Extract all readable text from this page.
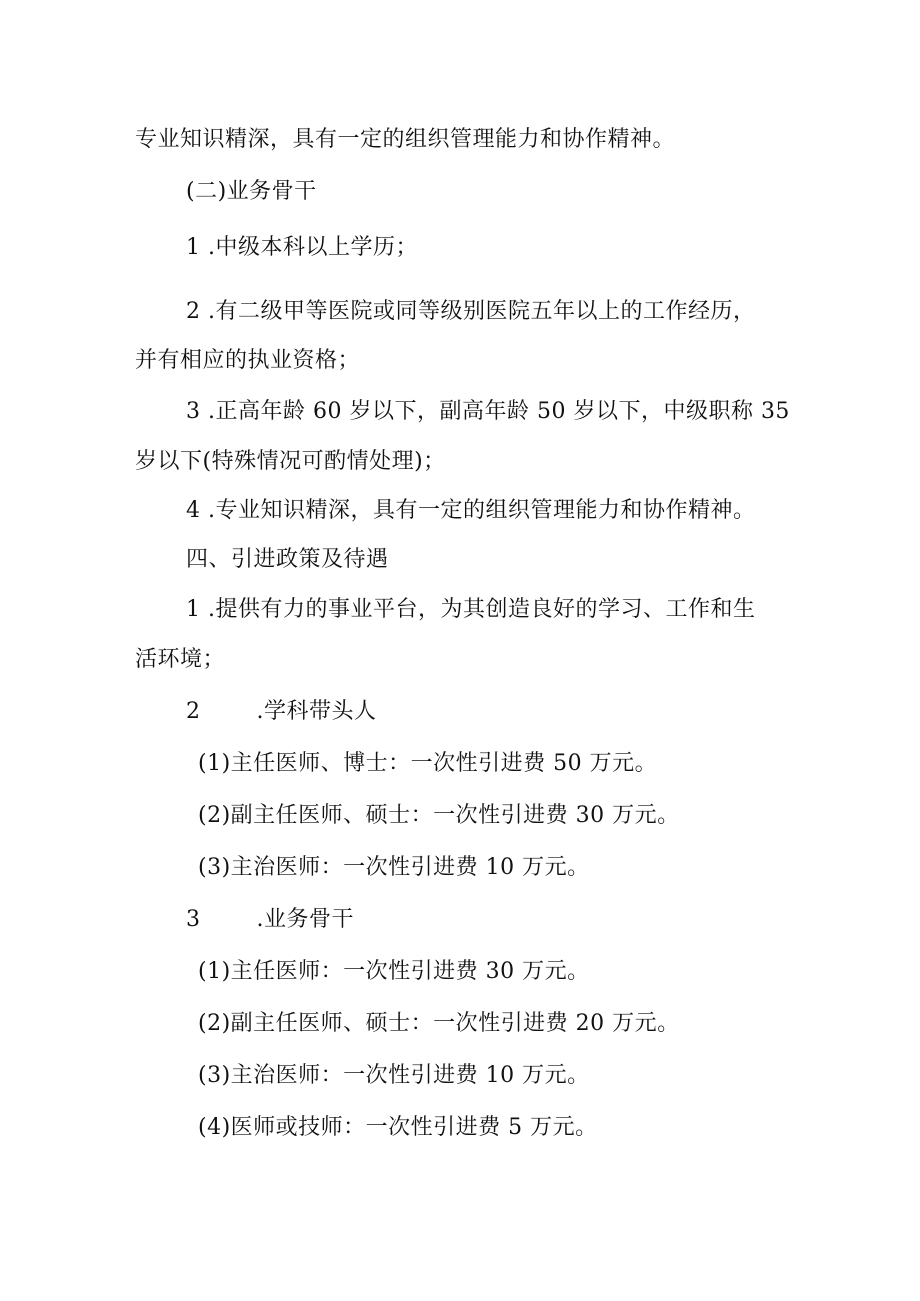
专业知识精深，具有一定的组织管理能力和协作精神。
(二)业务骨干
1 .中级本科以上学历；
2 .有二级甲等医院或同等级别医院五年以上的工作经历，
并有相应的执业资格；
3 .正高年龄 60 岁以下，副高年龄 50 岁以下，中级职称 35
岁以下(特殊情况可酌情处理)；
4 .专业知识精深，具有一定的组织管理能力和协作精神。
四、引进政策及待遇
1 .提供有力的事业平台，为其创造良好的学习、工作和生
活环境；
2	.学科带头人
(1)主任医师、博士：一次性引进费 50 万元。
(2)副主任医师、硕士：一次性引进费 30 万元。
(3)主治医师：一次性引进费 10 万元。
3	.业务骨干
(1)主任医师：一次性引进费 30 万元。
(2)副主任医师、硕士：一次性引进费 20 万元。
(3)主治医师：一次性引进费 10 万元。
(4)医师或技师：一次性引进费 5 万元。
